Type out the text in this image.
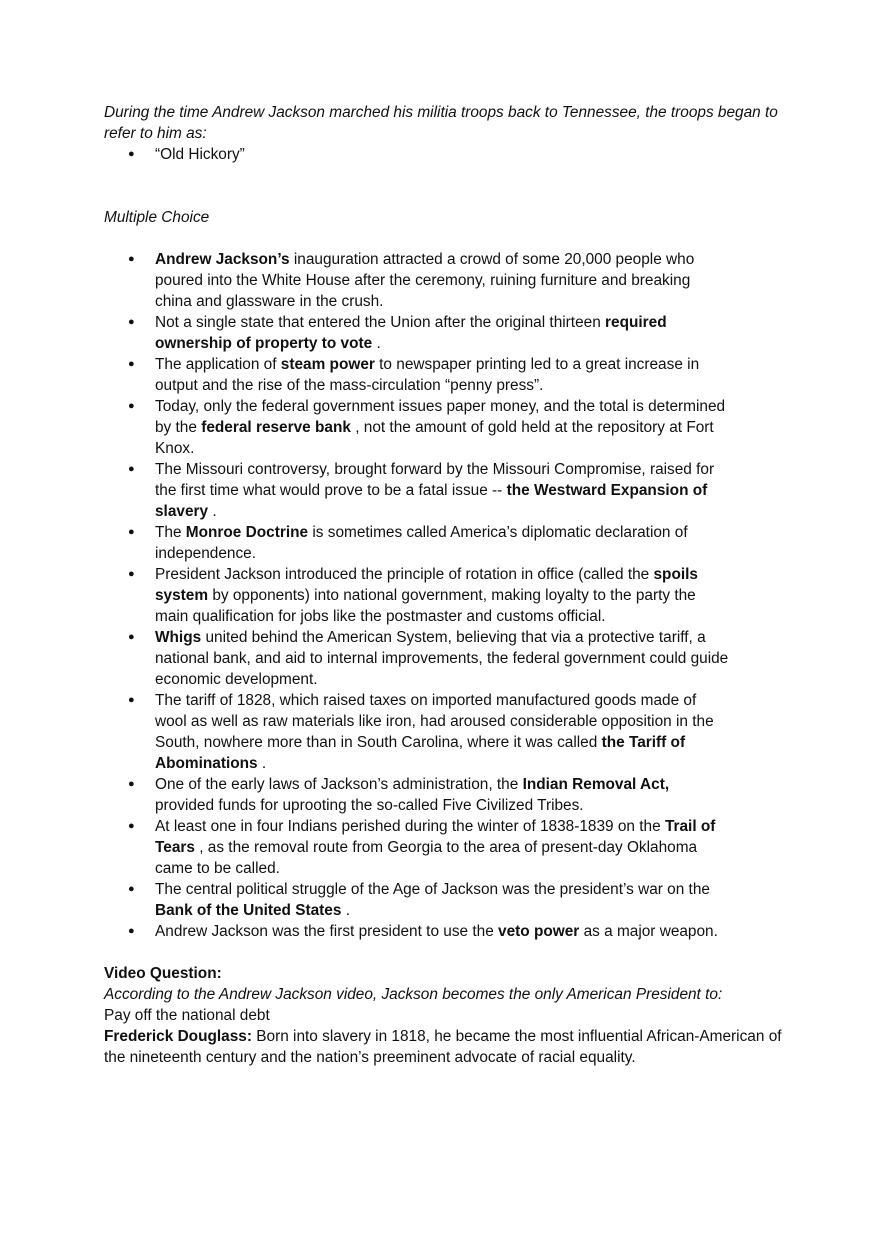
During the time Andrew Jackson marched his militia troops back to Tennessee, the troops began to refer to him as:
● “Old Hickory”
Multiple Choice
● Andrew Jackson’s inauguration attracted a crowd of some 20,000 people who poured into the White House after the ceremony, ruining furniture and breaking china and glassware in the crush.
● Not a single state that entered the Union after the original thirteen required ownership of property to vote .
● The application of steam power to newspaper printing led to a great increase in output and the rise of the mass-circulation “penny press”.
● Today, only the federal government issues paper money, and the total is determined by the federal reserve bank , not the amount of gold held at the repository at Fort Knox.
● The Missouri controversy, brought forward by the Missouri Compromise, raised for the first time what would prove to be a fatal issue -- the Westward Expansion of slavery .
● The Monroe Doctrine is sometimes called America’s diplomatic declaration of independence.
● President Jackson introduced the principle of rotation in office (called the spoils system by opponents) into national government, making loyalty to the party the main qualification for jobs like the postmaster and customs official.
● Whigs united behind the American System, believing that via a protective tariff, a national bank, and aid to internal improvements, the federal government could guide economic development.
● The tariff of 1828, which raised taxes on imported manufactured goods made of wool as well as raw materials like iron, had aroused considerable opposition in the South, nowhere more than in South Carolina, where it was called the Tariff of Abominations .
● One of the early laws of Jackson’s administration, the Indian Removal Act, provided funds for uprooting the so-called Five Civilized Tribes.
● At least one in four Indians perished during the winter of 1838-1839 on the Trail of Tears , as the removal route from Georgia to the area of present-day Oklahoma came to be called.
● The central political struggle of the Age of Jackson was the president’s war on the Bank of the United States .
● Andrew Jackson was the first president to use the veto power as a major weapon.
Video Question:
According to the Andrew Jackson video, Jackson becomes the only American President to:
Pay off the national debt
Frederick Douglass: Born into slavery in 1818, he became the most influential African-American of the nineteenth century and the nation’s preeminent advocate of racial equality.
